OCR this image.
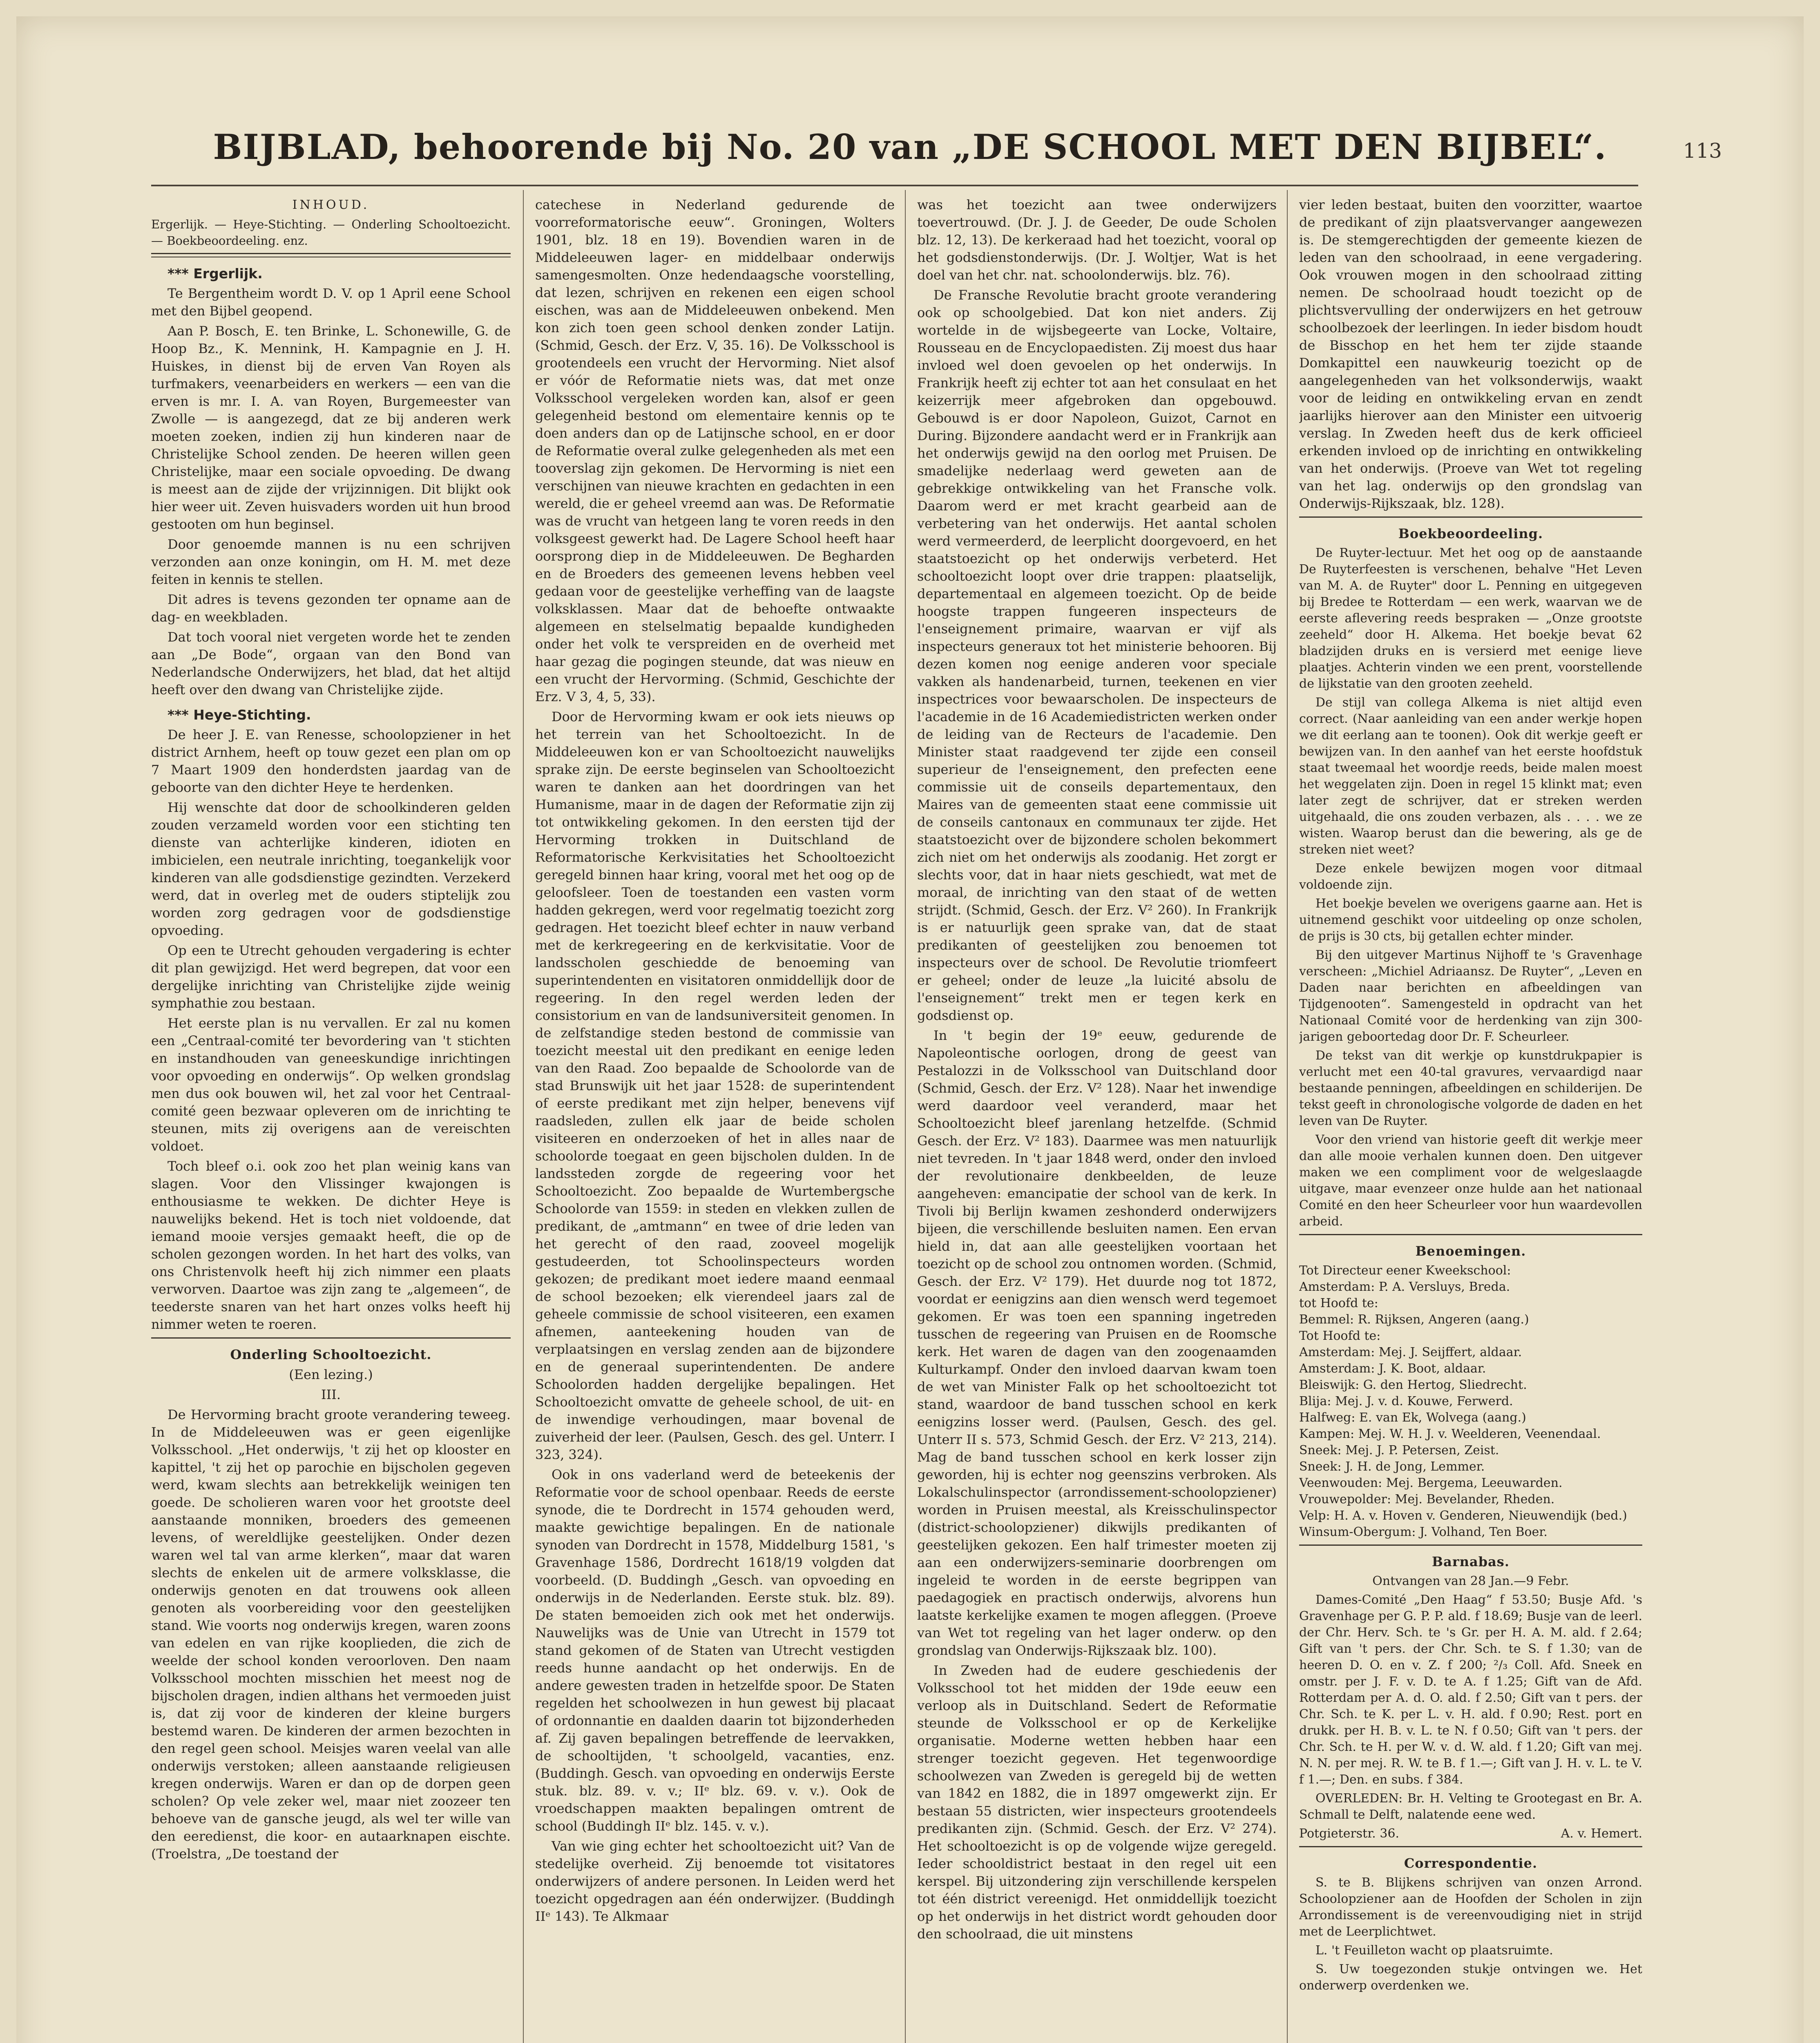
BIJBLAD, behoorende bij No. 20 van „DE SCHOOL MET DEN BIJBEL“.	113
INHOUD.

Ergerlijk. — Heye-Stichting. — Onderling Schooltoezicht. — Boekbeoordeeling. enz.

*** Ergerlijk.

Te Bergentheim wordt D. V. op 1 April eene School met den Bijbel geopend.

Aan P. Bosch, E. ten Brinke, L. Schonewille, G. de Hoop Bz., K. Mennink, H. Kampagnie en J. H. Huiskes, in dienst bij de erven Van Royen als turfmakers, veenarbeiders en werkers — een van die erven is mr. I. A. van Royen, Burgemeester van Zwolle — is aangezegd, dat ze bij anderen werk moeten zoeken, indien zij hun kinderen naar de Christelijke School zenden. De heeren willen geen Christelijke, maar een sociale opvoeding. De dwang is meest aan de zijde der vrijzinnigen. Dit blijkt ook hier weer uit. Zeven huisvaders worden uit hun brood gestooten om hun beginsel.

Door genoemde mannen is nu een schrijven verzonden aan onze koningin, om H. M. met deze feiten in kennis te stellen.

Dit adres is tevens gezonden ter opname aan de dag- en weekbladen.

Dat toch vooral niet vergeten worde het te zenden aan „De Bode“, orgaan van den Bond van Nederlandsche Onderwijzers, het blad, dat het altijd heeft over den dwang van Christelijke zijde.

*** Heye-Stichting.

De heer J. E. van Renesse, schoolopziener in het district Arnhem, heeft op touw gezet een plan om op 7 Maart 1909 den honderdsten jaardag van de geboorte van den dichter Heye te herdenken.

Hij wenschte dat door de schoolkinderen gelden zouden verzameld worden voor een stichting ten dienste van achterlijke kinderen, idioten en imbicielen, een neutrale inrichting, toegankelijk voor kinderen van alle godsdienstige gezindten. Verzekerd werd, dat in overleg met de ouders stiptelijk zou worden zorg gedragen voor de godsdienstige opvoeding.

Op een te Utrecht gehouden vergadering is echter dit plan gewijzigd. Het werd begrepen, dat voor een dergelijke inrichting van Christelijke zijde weinig symphathie zou bestaan.

Het eerste plan is nu vervallen. Er zal nu komen een „Centraal-comité ter bevordering van 't stichten en instandhouden van geneeskundige inrichtingen voor opvoeding en onderwijs“. Op welken grondslag men dus ook bouwen wil, het zal voor het Centraal-comité geen bezwaar opleveren om de inrichting te steunen, mits zij overigens aan de vereischten voldoet.

Toch bleef o.i. ook zoo het plan weinig kans van slagen. Voor den Vlissinger kwajongen is enthousiasme te wekken. De dichter Heye is nauwelijks bekend. Het is toch niet voldoende, dat iemand mooie versjes gemaakt heeft, die op de scholen gezongen worden. In het hart des volks, van ons Christenvolk heeft hij zich nimmer een plaats verworven. Daartoe was zijn zang te „algemeen“, de teederste snaren van het hart onzes volks heeft hij nimmer weten te roeren.

Onderling Schooltoezicht.

(Een lezing.)

III.

De Hervorming bracht groote verandering teweeg. In de Middeleeuwen was er geen eigenlijke Volksschool. „Het onderwijs, 't zij het op klooster en kapittel, 't zij het op parochie en bijscholen gegeven werd, kwam slechts aan betrekkelijk weinigen ten goede. De scholieren waren voor het grootste deel aanstaande monniken, broeders des gemeenen levens, of wereldlijke geestelijken. Onder dezen waren wel tal van arme klerken“, maar dat waren slechts de enkelen uit de armere volksklasse, die onderwijs genoten en dat trouwens ook alleen genoten als voorbereiding voor den geestelijken stand. Wie voorts nog onderwijs kregen, waren zoons van edelen en van rijke kooplieden, die zich de weelde der school konden veroorloven. Den naam Volksschool mochten misschien het meest nog de bijscholen dragen, indien althans het vermoeden juist is, dat zij voor de kinderen der kleine burgers bestemd waren. De kinderen der armen bezochten in den regel geen school. Meisjes waren veelal van alle onderwijs verstoken; alleen aanstaande religieusen kregen onderwijs. Waren er dan op de dorpen geen scholen? Op vele zeker wel, maar niet zoozeer ten behoeve van de gansche jeugd, als wel ter wille van den eeredienst, die koor- en autaarknapen eischte. (Troelstra, „De toestand der

catechese in Nederland gedurende de voorreformatorische eeuw“. Groningen, Wolters 1901, blz. 18 en 19). Bovendien waren in de Middeleeuwen lager- en middelbaar onderwijs samengesmolten. Onze hedendaagsche voorstelling, dat lezen, schrijven en rekenen een eigen school eischen, was aan de Middeleeuwen onbekend. Men kon zich toen geen school denken zonder Latijn. (Schmid, Gesch. der Erz. V, 35. 16). De Volksschool is grootendeels een vrucht der Hervorming. Niet alsof er vóór de Reformatie niets was, dat met onze Volksschool vergeleken worden kan, alsof er geen gelegenheid bestond om elementaire kennis op te doen anders dan op de Latijnsche school, en er door de Reformatie overal zulke gelegenheden als met een tooverslag zijn gekomen. De Hervorming is niet een verschijnen van nieuwe krachten en gedachten in een wereld, die er geheel vreemd aan was. De Reformatie was de vrucht van hetgeen lang te voren reeds in den volksgeest gewerkt had. De Lagere School heeft haar oorsprong diep in de Middeleeuwen. De Begharden en de Broeders des gemeenen levens hebben veel gedaan voor de geestelijke verheffing van de laagste volksklassen. Maar dat de behoefte ontwaakte algemeen en stelselmatig bepaalde kundigheden onder het volk te verspreiden en de overheid met haar gezag die pogingen steunde, dat was nieuw en een vrucht der Hervorming. (Schmid, Geschichte der Erz. V 3, 4, 5, 33).

Door de Hervorming kwam er ook iets nieuws op het terrein van het Schooltoezicht. In de Middeleeuwen kon er van Schooltoezicht nauwelijks sprake zijn. De eerste beginselen van Schooltoezicht waren te danken aan het doordringen van het Humanisme, maar in de dagen der Reformatie zijn zij tot ontwikkeling gekomen. In den eersten tijd der Hervorming trokken in Duitschland de Reformatorische Kerkvisitaties het Schooltoezicht geregeld binnen haar kring, vooral met het oog op de geloofsleer. Toen de toestanden een vasten vorm hadden gekregen, werd voor regelmatig toezicht zorg gedragen. Het toezicht bleef echter in nauw verband met de kerkregeering en de kerkvisitatie. Voor de landsscholen geschiedde de benoeming van superintendenten en visitatoren onmiddellijk door de regeering. In den regel werden leden der consistorium en van de landsuniversiteit genomen. In de zelfstandige steden bestond de commissie van toezicht meestal uit den predikant en eenige leden van den Raad. Zoo bepaalde de Schoolorde van de stad Brunswijk uit het jaar 1528: de superintendent of eerste predikant met zijn helper, benevens vijf raadsleden, zullen elk jaar de beide scholen visiteeren en onderzoeken of het in alles naar de schoolorde toegaat en geen bijscholen dulden. In de landssteden zorgde de regeering voor het Schooltoezicht. Zoo bepaalde de Wurtembergsche Schoolorde van 1559: in steden en vlekken zullen de predikant, de „amtmann“ en twee of drie leden van het gerecht of den raad, zooveel mogelijk gestudeerden, tot Schoolinspecteurs worden gekozen; de predikant moet iedere maand eenmaal de school bezoeken; elk vierendeel jaars zal de geheele commissie de school visiteeren, een examen afnemen, aanteekening houden van de verplaatsingen en verslag zenden aan de bijzondere en de generaal superintendenten. De andere Schoolorden hadden dergelijke bepalingen. Het Schooltoezicht omvatte de geheele school, de uit- en de inwendige verhoudingen, maar bovenal de zuiverheid der leer. (Paulsen, Gesch. des gel. Unterr. I 323, 324).

Ook in ons vaderland werd de beteekenis der Reformatie voor de school openbaar. Reeds de eerste synode, die te Dordrecht in 1574 gehouden werd, maakte gewichtige bepalingen. En de nationale synoden van Dordrecht in 1578, Middelburg 1581, 's Gravenhage 1586, Dordrecht 1618/19 volgden dat voorbeeld. (D. Buddingh „Gesch. van opvoeding en onderwijs in de Nederlanden. Eerste stuk. blz. 89). De staten bemoeiden zich ook met het onderwijs. Nauwelijks was de Unie van Utrecht in 1579 tot stand gekomen of de Staten van Utrecht vestigden reeds hunne aandacht op het onderwijs. En de andere gewesten traden in hetzelfde spoor. De Staten regelden het schoolwezen in hun gewest bij placaat of ordonnantie en daalden daarin tot bijzonderheden af. Zij gaven bepalingen betreffende de leervakken, de schooltijden, 't schoolgeld, vacanties, enz. (Buddingh. Gesch. van opvoeding en onderwijs Eerste stuk. blz. 89. v. v.; IIᵉ blz. 69. v. v.). Ook de vroedschappen maakten bepalingen omtrent de school (Buddingh IIᵉ blz. 145. v. v.).

Van wie ging echter het schooltoezicht uit? Van de stedelijke overheid. Zij benoemde tot visitatores onderwijzers of andere personen. In Leiden werd het toezicht opgedragen aan één onderwijzer. (Buddingh IIᵉ 143). Te Alkmaar

was het toezicht aan twee onderwijzers toevertrouwd. (Dr. J. J. de Geeder, De oude Scholen blz. 12, 13). De kerkeraad had het toezicht, vooral op het godsdienstonderwijs. (Dr. J. Woltjer, Wat is het doel van het chr. nat. schoolonderwijs. blz. 76).

De Fransche Revolutie bracht groote verandering ook op schoolgebied. Dat kon niet anders. Zij wortelde in de wijsbegeerte van Locke, Voltaire, Rousseau en de Encyclopaedisten. Zij moest dus haar invloed wel doen gevoelen op het onderwijs. In Frankrijk heeft zij echter tot aan het consulaat en het keizerrijk meer afgebroken dan opgebouwd. Gebouwd is er door Napoleon, Guizot, Carnot en During. Bijzondere aandacht werd er in Frankrijk aan het onderwijs gewijd na den oorlog met Pruisen. De smadelijke nederlaag werd geweten aan de gebrekkige ontwikkeling van het Fransche volk. Daarom werd er met kracht gearbeid aan de verbetering van het onderwijs. Het aantal scholen werd vermeerderd, de leerplicht doorgevoerd, en het staatstoezicht op het onderwijs verbeterd. Het schooltoezicht loopt over drie trappen: plaatselijk, departementaal en algemeen toezicht. Op de beide hoogste trappen fungeeren inspecteurs de l'enseignement primaire, waarvan er vijf als inspecteurs generaux tot het ministerie behooren. Bij dezen komen nog eenige anderen voor speciale vakken als handenarbeid, turnen, teekenen en vier inspectrices voor bewaarscholen. De inspecteurs de l'academie in de 16 Academiedistricten werken onder de leiding van de Recteurs de l'academie. Den Minister staat raadgevend ter zijde een conseil superieur de l'enseignement, den prefecten eene commissie uit de conseils departementaux, den Maires van de gemeenten staat eene commissie uit de conseils cantonaux en communaux ter zijde. Het staatstoezicht over de bijzondere scholen bekommert zich niet om het onderwijs als zoodanig. Het zorgt er slechts voor, dat in haar niets geschiedt, wat met de moraal, de inrichting van den staat of de wetten strijdt. (Schmid, Gesch. der Erz. V² 260). In Frankrijk is er natuurlijk geen sprake van, dat de staat predikanten of geestelijken zou benoemen tot inspecteurs over de school. De Revolutie triomfeert er geheel; onder de leuze „la luicité absolu de l'enseignement“ trekt men er tegen kerk en godsdienst op.

In 't begin der 19ᵉ eeuw, gedurende de Napoleontische oorlogen, drong de geest van Pestalozzi in de Volksschool van Duitschland door (Schmid, Gesch. der Erz. V² 128). Naar het inwendige werd daardoor veel veranderd, maar het Schooltoezicht bleef jarenlang hetzelfde. (Schmid Gesch. der Erz. V² 183). Daarmee was men natuurlijk niet tevreden. In 't jaar 1848 werd, onder den invloed der revolutionaire denkbeelden, de leuze aangeheven: emancipatie der school van de kerk. In Tivoli bij Berlijn kwamen zeshonderd onderwijzers bijeen, die verschillende besluiten namen. Een ervan hield in, dat aan alle geestelijken voortaan het toezicht op de school zou ontnomen worden. (Schmid, Gesch. der Erz. V² 179). Het duurde nog tot 1872, voordat er eenigzins aan dien wensch werd tegemoet gekomen. Er was toen een spanning ingetreden tusschen de regeering van Pruisen en de Roomsche kerk. Het waren de dagen van den zoogenaamden Kulturkampf. Onder den invloed daarvan kwam toen de wet van Minister Falk op het schooltoezicht tot stand, waardoor de band tusschen school en kerk eenigzins losser werd. (Paulsen, Gesch. des gel. Unterr II s. 573, Schmid Gesch. der Erz. V² 213, 214). Mag de band tusschen school en kerk losser zijn geworden, hij is echter nog geenszins verbroken. Als Lokalschulinspector (arrondissement-schoolopziener) worden in Pruisen meestal, als Kreisschulinspector (district-schoolopziener) dikwijls predikanten of geestelijken gekozen. Een half trimester moeten zij aan een onderwijzers-seminarie doorbrengen om ingeleid te worden in de eerste begrippen van paedagogiek en practisch onderwijs, alvorens hun laatste kerkelijke examen te mogen afleggen. (Proeve van Wet tot regeling van het lager onderw. op den grondslag van Onderwijs-Rijkszaak blz. 100).

In Zweden had de eudere geschiedenis der Volksschool tot het midden der 19de eeuw een verloop als in Duitschland. Sedert de Reformatie steunde de Volksschool er op de Kerkelijke organisatie. Moderne wetten hebben haar een strenger toezicht gegeven. Het tegenwoordige schoolwezen van Zweden is geregeld bij de wetten van 1842 en 1882, die in 1897 omgewerkt zijn. Er bestaan 55 districten, wier inspecteurs grootendeels predikanten zijn. (Schmid. Gesch. der Erz. V² 274). Het schooltoezicht is op de volgende wijze geregeld. Ieder schooldistrict bestaat in den regel uit een kerspel. Bij uitzondering zijn verschillende kerspelen tot één district vereenigd. Het onmiddellijk toezicht op het onderwijs in het district wordt gehouden door den schoolraad, die uit minstens

vier leden bestaat, buiten den voorzitter, waartoe de predikant of zijn plaatsvervanger aangewezen is. De stemgerechtigden der gemeente kiezen de leden van den schoolraad, in eene vergadering. Ook vrouwen mogen in den schoolraad zitting nemen. De schoolraad houdt toezicht op de plichtsvervulling der onderwijzers en het getrouw schoolbezoek der leerlingen. In ieder bisdom houdt de Bisschop en het hem ter zijde staande Domkapittel een nauwkeurig toezicht op de aangelegenheden van het volksonderwijs, waakt voor de leiding en ontwikkeling ervan en zendt jaarlijks hierover aan den Minister een uitvoerig verslag. In Zweden heeft dus de kerk officieel erkenden invloed op de inrichting en ontwikkeling van het onderwijs. (Proeve van Wet tot regeling van het lag. onderwijs op den grondslag van Onderwijs-Rijkszaak, blz. 128).

Boekbeoordeeling.

De Ruyter-lectuur. Met het oog op de aanstaande De Ruyterfeesten is verschenen, behalve "Het Leven van M. A. de Ruyter" door L. Penning en uitgegeven bij Bredee te Rotterdam — een werk, waarvan we de eerste aflevering reeds bespraken — „Onze grootste zeeheld“ door H. Alkema. Het boekje bevat 62 bladzijden druks en is versierd met eenige lieve plaatjes. Achterin vinden we een prent, voorstellende de lijkstatie van den grooten zeeheld.

De stijl van collega Alkema is niet altijd even correct. (Naar aanleiding van een ander werkje hopen we dit eerlang aan te toonen). Ook dit werkje geeft er bewijzen van. In den aanhef van het eerste hoofdstuk staat tweemaal het woordje reeds, beide malen moest het weggelaten zijn. Doen in regel 15 klinkt mat; even later zegt de schrijver, dat er streken werden uitgehaald, die ons zouden verbazen, als . . . . we ze wisten. Waarop berust dan die bewering, als ge de streken niet weet?

Deze enkele bewijzen mogen voor ditmaal voldoende zijn.

Het boekje bevelen we overigens gaarne aan. Het is uitnemend geschikt voor uitdeeling op onze scholen, de prijs is 30 cts, bij getallen echter minder.

Bij den uitgever Martinus Nijhoff te 's Gravenhage verscheen: „Michiel Adriaansz. De Ruyter“, „Leven en Daden naar berichten en afbeeldingen van Tijdgenooten“. Samengesteld in opdracht van het Nationaal Comité voor de herdenking van zijn 300-jarigen geboortedag door Dr. F. Scheurleer.

De tekst van dit werkje op kunstdrukpapier is verlucht met een 40-tal gravures, vervaardigd naar bestaande penningen, afbeeldingen en schilderijen. De tekst geeft in chronologische volgorde de daden en het leven van De Ruyter.

Voor den vriend van historie geeft dit werkje meer dan alle mooie verhalen kunnen doen. Den uitgever maken we een compliment voor de welgeslaagde uitgave, maar evenzeer onze hulde aan het nationaal Comité en den heer Scheurleer voor hun waardevollen arbeid.

Benoemingen.

Tot Directeur eener Kweekschool:

Amsterdam: P. A. Versluys, Breda.

tot Hoofd te:

Bemmel: R. Rijksen, Angeren (aang.)

Tot Hoofd te:

Amsterdam: Mej. J. Seijffert, aldaar.

Amsterdam: J. K. Boot, aldaar.

Bleiswijk: G. den Hertog, Sliedrecht.

Blija: Mej. J. v. d. Kouwe, Ferwerd.

Halfweg: E. van Ek, Wolvega (aang.)

Kampen: Mej. W. H. J. v. Weelderen, Veenendaal.

Sneek: Mej. J. P. Petersen, Zeist.

Sneek: J. H. de Jong, Lemmer.

Veenwouden: Mej. Bergema, Leeuwarden.

Vrouwepolder: Mej. Bevelander, Rheden.

Velp: H. A. v. Hoven v. Genderen, Nieuwendijk (bed.)

Winsum-Obergum: J. Volhand, Ten Boer.

Barnabas.

Ontvangen van 28 Jan.—9 Febr.

Dames-Comité „Den Haag“ f 53.50; Busje Afd. 's Gravenhage per G. P. P. ald. f 18.69; Busje van de leerl. der Chr. Herv. Sch. te 's Gr. per H. A. M. ald. f 2.64; Gift van 't pers. der Chr. Sch. te S. f 1.30; van de heeren D. O. en v. Z. f 200; ²/₃ Coll. Afd. Sneek en omstr. per J. F. v. D. te A. f 1.25; Gift van de Afd. Rotterdam per A. d. O. ald. f 2.50; Gift van t pers. der Chr. Sch. te K. per L. v. H. ald. f 0.90; Rest. port en drukk. per H. B. v. L. te N. f 0.50; Gift van 't pers. der Chr. Sch. te H. per W. v. d. W. ald. f 1.20; Gift van mej. N. N. per mej. R. W. te B. f 1.—; Gift van J. H. v. L. te V. f 1.—; Den. en subs. f 384.

OVERLEDEN: Br. H. Velting te Grootegast en Br. A. Schmall te Delft, nalatende eene wed.

Potgieterstr. 36.	A. v. Hemert.

Correspondentie.

S. te B. Blijkens schrijven van onzen Arrond. Schoolopziener aan de Hoofden der Scholen in zijn Arrondissement is de vereenvoudiging niet in strijd met de Leerplichtwet.

L. 't Feuilleton wacht op plaatsruimte.

S. Uw toegezonden stukje ontvingen we. Het onderwerp overdenken we.
